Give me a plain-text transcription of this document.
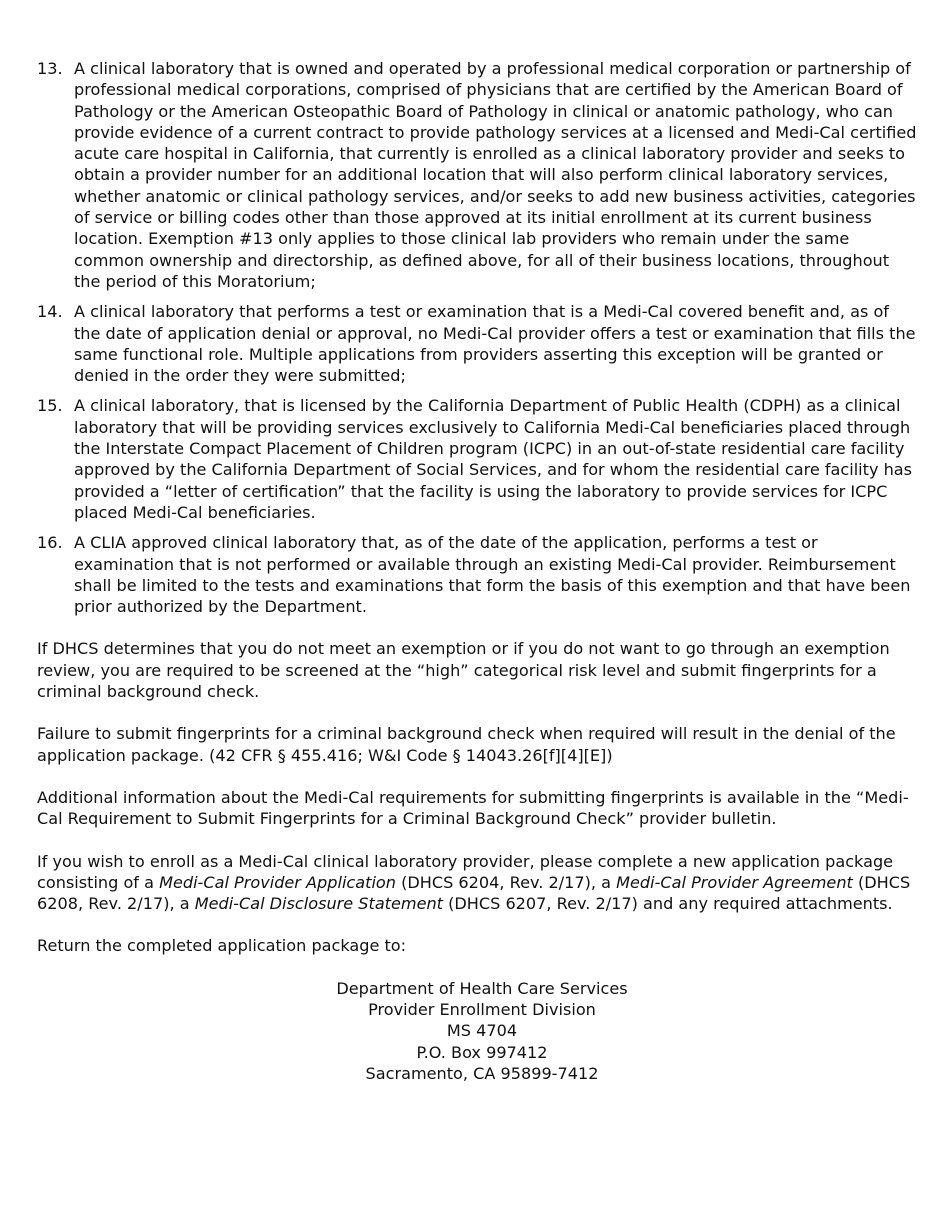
13. A clinical laboratory that is owned and operated by a professional medical corporation or partnership of professional medical corporations, comprised of physicians that are certified by the American Board of Pathology or the American Osteopathic Board of Pathology in clinical or anatomic pathology, who can provide evidence of a current contract to provide pathology services at a licensed and Medi-Cal certified acute care hospital in California, that currently is enrolled as a clinical laboratory provider and seeks to obtain a provider number for an additional location that will also perform clinical laboratory services, whether anatomic or clinical pathology services, and/or seeks to add new business activities, categories of service or billing codes other than those approved at its initial enrollment at its current business location. Exemption #13 only applies to those clinical lab providers who remain under the same common ownership and directorship, as defined above, for all of their business locations, throughout the period of this Moratorium;

14. A clinical laboratory that performs a test or examination that is a Medi-Cal covered benefit and, as of the date of application denial or approval, no Medi-Cal provider offers a test or examination that fills the same functional role. Multiple applications from providers asserting this exception will be granted or denied in the order they were submitted;

15. A clinical laboratory, that is licensed by the California Department of Public Health (CDPH) as a clinical laboratory that will be providing services exclusively to California Medi-Cal beneficiaries placed through the Interstate Compact Placement of Children program (ICPC) in an out-of-state residential care facility approved by the California Department of Social Services, and for whom the residential care facility has provided a “letter of certification” that the facility is using the laboratory to provide services for ICPC placed Medi-Cal beneficiaries.

16. A CLIA approved clinical laboratory that, as of the date of the application, performs a test or examination that is not performed or available through an existing Medi-Cal provider. Reimbursement shall be limited to the tests and examinations that form the basis of this exemption and that have been prior authorized by the Department.

If DHCS determines that you do not meet an exemption or if you do not want to go through an exemption review, you are required to be screened at the “high” categorical risk level and submit fingerprints for a criminal background check.

Failure to submit fingerprints for a criminal background check when required will result in the denial of the application package. (42 CFR § 455.416; W&I Code § 14043.26[f][4][E])

Additional information about the Medi-Cal requirements for submitting fingerprints is available in the “Medi-Cal Requirement to Submit Fingerprints for a Criminal Background Check” provider bulletin.

If you wish to enroll as a Medi-Cal clinical laboratory provider, please complete a new application package consisting of a Medi-Cal Provider Application (DHCS 6204, Rev. 2/17), a Medi-Cal Provider Agreement (DHCS 6208, Rev. 2/17), a Medi-Cal Disclosure Statement (DHCS 6207, Rev. 2/17) and any required attachments.

Return the completed application package to:

Department of Health Care Services
Provider Enrollment Division
MS 4704
P.O. Box 997412
Sacramento, CA 95899-7412
